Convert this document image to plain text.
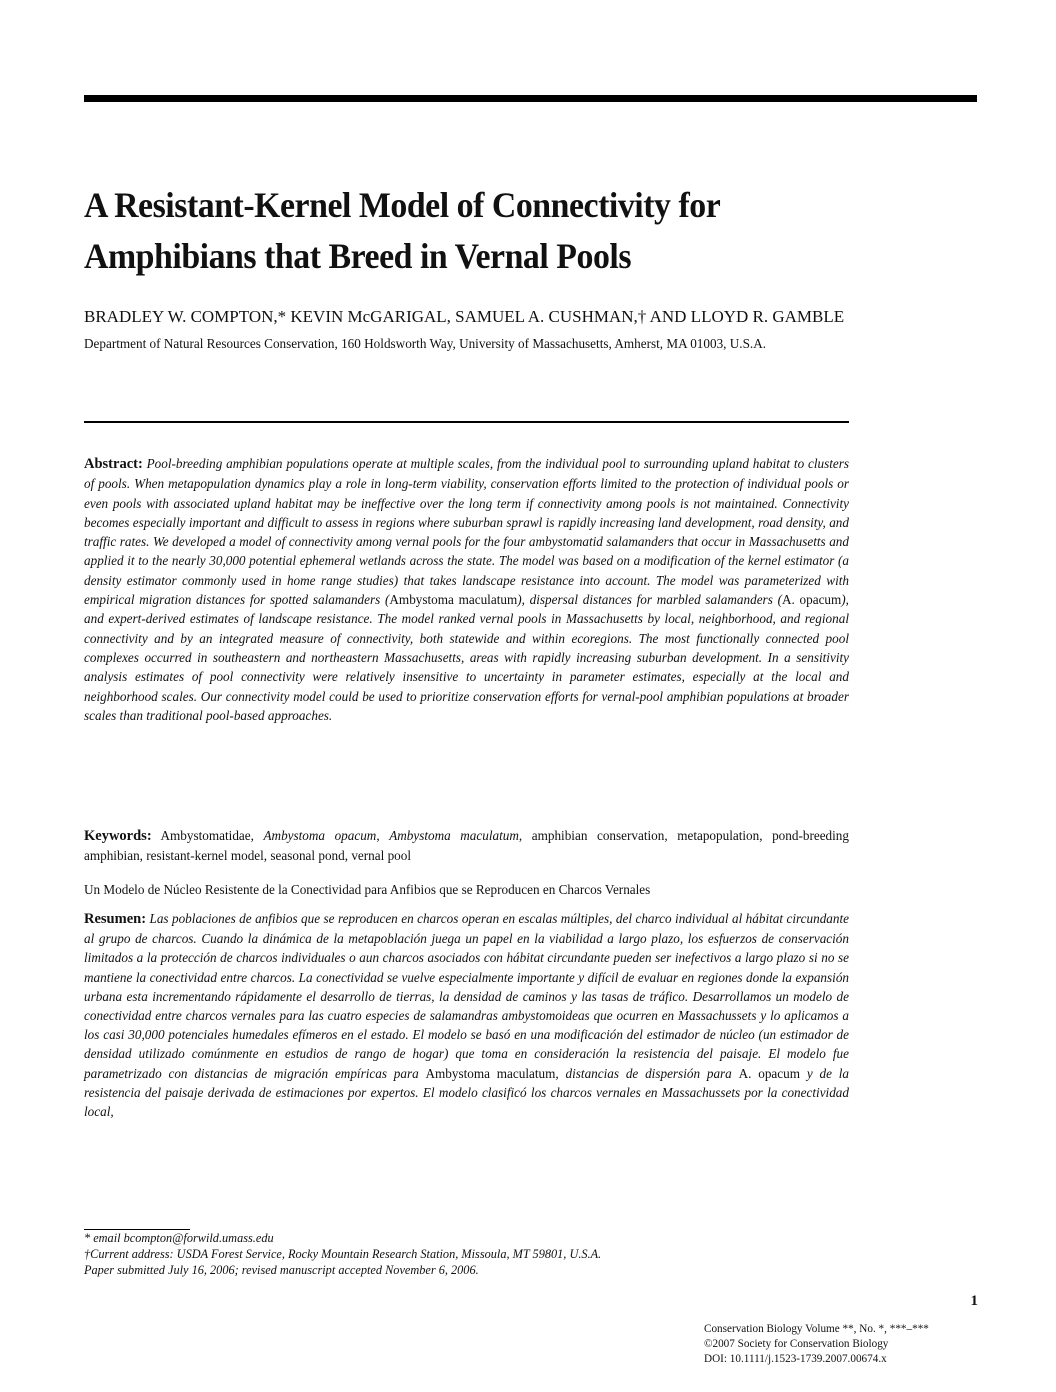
A Resistant-Kernel Model of Connectivity for
Amphibians that Breed in Vernal Pools

BRADLEY W. COMPTON,* KEVIN McGARIGAL, SAMUEL A. CUSHMAN,† AND LLOYD R. GAMBLE

Department of Natural Resources Conservation, 160 Holdsworth Way, University of Massachusetts, Amherst, MA 01003, U.S.A.

Abstract: Pool-breeding amphibian populations operate at multiple scales, from the individual pool to surrounding upland habitat to clusters of pools. When metapopulation dynamics play a role in long-term viability, conservation efforts limited to the protection of individual pools or even pools with associated upland habitat may be ineffective over the long term if connectivity among pools is not maintained. Connectivity becomes especially important and difficult to assess in regions where suburban sprawl is rapidly increasing land development, road density, and traffic rates. We developed a model of connectivity among vernal pools for the four ambystomatid salamanders that occur in Massachusetts and applied it to the nearly 30,000 potential ephemeral wetlands across the state. The model was based on a modification of the kernel estimator (a density estimator commonly used in home range studies) that takes landscape resistance into account. The model was parameterized with empirical migration distances for spotted salamanders (Ambystoma maculatum), dispersal distances for marbled salamanders (A. opacum), and expert-derived estimates of landscape resistance. The model ranked vernal pools in Massachusetts by local, neighborhood, and regional connectivity and by an integrated measure of connectivity, both statewide and within ecoregions. The most functionally connected pool complexes occurred in southeastern and northeastern Massachusetts, areas with rapidly increasing suburban development. In a sensitivity analysis estimates of pool connectivity were relatively insensitive to uncertainty in parameter estimates, especially at the local and neighborhood scales. Our connectivity model could be used to prioritize conservation efforts for vernal-pool amphibian populations at broader scales than traditional pool-based approaches.

Keywords: Ambystomatidae, Ambystoma opacum, Ambystoma maculatum, amphibian conservation, metapopulation, pond-breeding amphibian, resistant-kernel model, seasonal pond, vernal pool

Un Modelo de Núcleo Resistente de la Conectividad para Anfibios que se Reproducen en Charcos Vernales

Resumen: Las poblaciones de anfibios que se reproducen en charcos operan en escalas múltiples, del charco individual al hábitat circundante al grupo de charcos. Cuando la dinámica de la metapoblación juega un papel en la viabilidad a largo plazo, los esfuerzos de conservación limitados a la protección de charcos individuales o aun charcos asociados con hábitat circundante pueden ser inefectivos a largo plazo si no se mantiene la conectividad entre charcos. La conectividad se vuelve especialmente importante y difícil de evaluar en regiones donde la expansión urbana esta incrementando rápidamente el desarrollo de tierras, la densidad de caminos y las tasas de tráfico. Desarrollamos un modelo de conectividad entre charcos vernales para las cuatro especies de salamandras ambystomoideas que ocurren en Massachussets y lo aplicamos a los casi 30,000 potenciales humedales efímeros en el estado. El modelo se basó en una modificación del estimador de núcleo (un estimador de densidad utilizado comúnmente en estudios de rango de hogar) que toma en consideración la resistencia del paisaje. El modelo fue parametrizado con distancias de migración empíricas para Ambystoma maculatum, distancias de dispersión para A. opacum y de la resistencia del paisaje derivada de estimaciones por expertos. El modelo clasificó los charcos vernales en Massachussets por la conectividad local,

* email bcompton@forwild.umass.edu
†Current address: USDA Forest Service, Rocky Mountain Research Station, Missoula, MT 59801, U.S.A.
Paper submitted July 16, 2006; revised manuscript accepted November 6, 2006.
1
Conservation Biology Volume **, No. *, ***–***
©2007 Society for Conservation Biology
DOI: 10.1111/j.1523-1739.2007.00674.x
